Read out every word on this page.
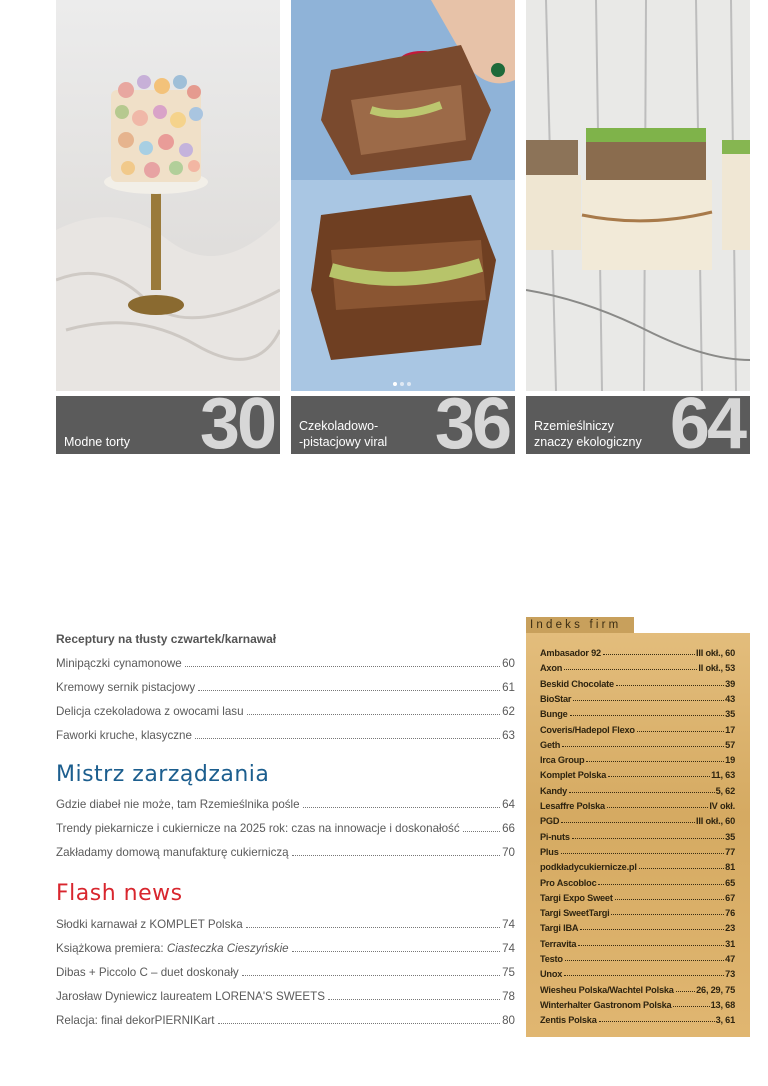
Modne torty 30 Czekoladowo-
-pistacjowy viral 36 Rzemieślniczy
znaczy ekologiczny 64
Receptury na tłusty czwartek/karnawał
Minipączki cynamonowe	60
Kremowy sernik pistacjowy	61
Delicja czekoladowa z owocami lasu	62
Faworki kruche, klasyczne	63
Mistrz zarządzania
Gdzie diabeł nie może, tam Rzemieślnika pośle	64
Trendy piekarnicze i cukiernicze na 2025 rok: czas na innowacje i doskonałość	66
Zakładamy domową manufakturę cukierniczą	70
Flash news
Słodki karnawał z KOMPLET Polska	74
Książkowa premiera: Ciasteczka Cieszyńskie	74
Dibas + Piccolo C – duet doskonały	75
Jarosław Dyniewicz laureatem LORENA'S SWEETS	78
Relacja: finał dekorPIERNIKart	80
Indeks firm
Ambasador 92	III okł., 60
Axon	II okł., 53
Beskid Chocolate	39
BioStar	43
Bunge	35
Coveris/Hadepol Flexo	17
Geth	57
Irca Group	19
Komplet Polska	11, 63
Kandy	5, 62
Lesaffre Polska	IV okł.
PGD	III okł., 60
Pi-nuts	35
Plus	77
podkładycukiernicze.pl	81
Pro Ascobloc	65
Targi Expo Sweet	67
Targi SweetTargi	76
Targi IBA	23
Terravita	31
Testo	47
Unox	73
Wiesheu Polska/Wachtel Polska 26, 29, 75
Winterhalter Gastronom Polska	13, 68
Zentis Polska	3, 61
